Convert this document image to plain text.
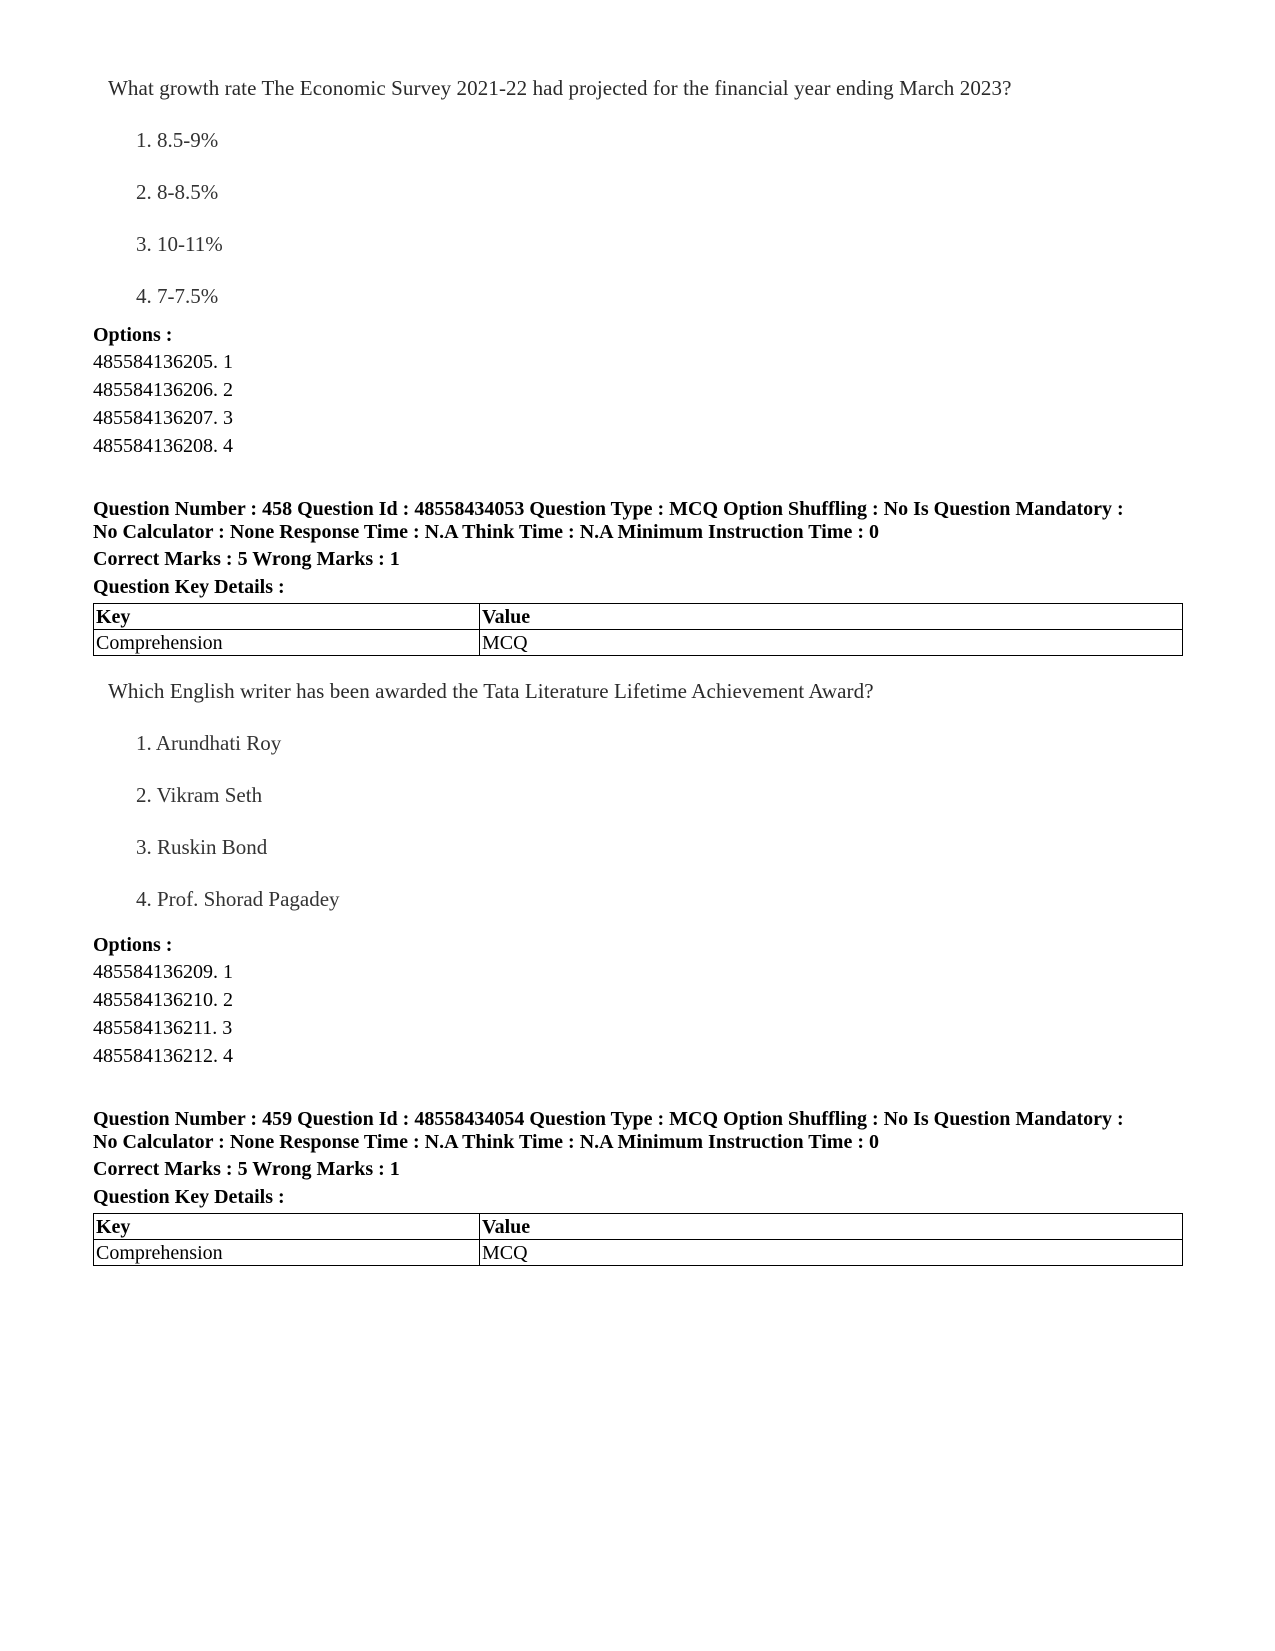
What growth rate The Economic Survey 2021-22 had projected for the financial year ending March 2023?
1. 8.5-9%
2. 8-8.5%
3. 10-11%
4. 7-7.5%
Options :
485584136205. 1
485584136206. 2
485584136207. 3
485584136208. 4
Question Number : 458 Question Id : 48558434053 Question Type : MCQ Option Shuffling : No Is Question Mandatory :
No Calculator : None Response Time : N.A Think Time : N.A Minimum Instruction Time : 0
Correct Marks : 5 Wrong Marks : 1
Question Key Details :
Key	Value
Comprehension	MCQ
Which English writer has been awarded the Tata Literature Lifetime Achievement Award?
1. Arundhati Roy
2. Vikram Seth
3. Ruskin Bond
4. Prof. Shorad Pagadey
Options :
485584136209. 1
485584136210. 2
485584136211. 3
485584136212. 4
Question Number : 459 Question Id : 48558434054 Question Type : MCQ Option Shuffling : No Is Question Mandatory :
No Calculator : None Response Time : N.A Think Time : N.A Minimum Instruction Time : 0
Correct Marks : 5 Wrong Marks : 1
Question Key Details :
Key	Value
Comprehension	MCQ
